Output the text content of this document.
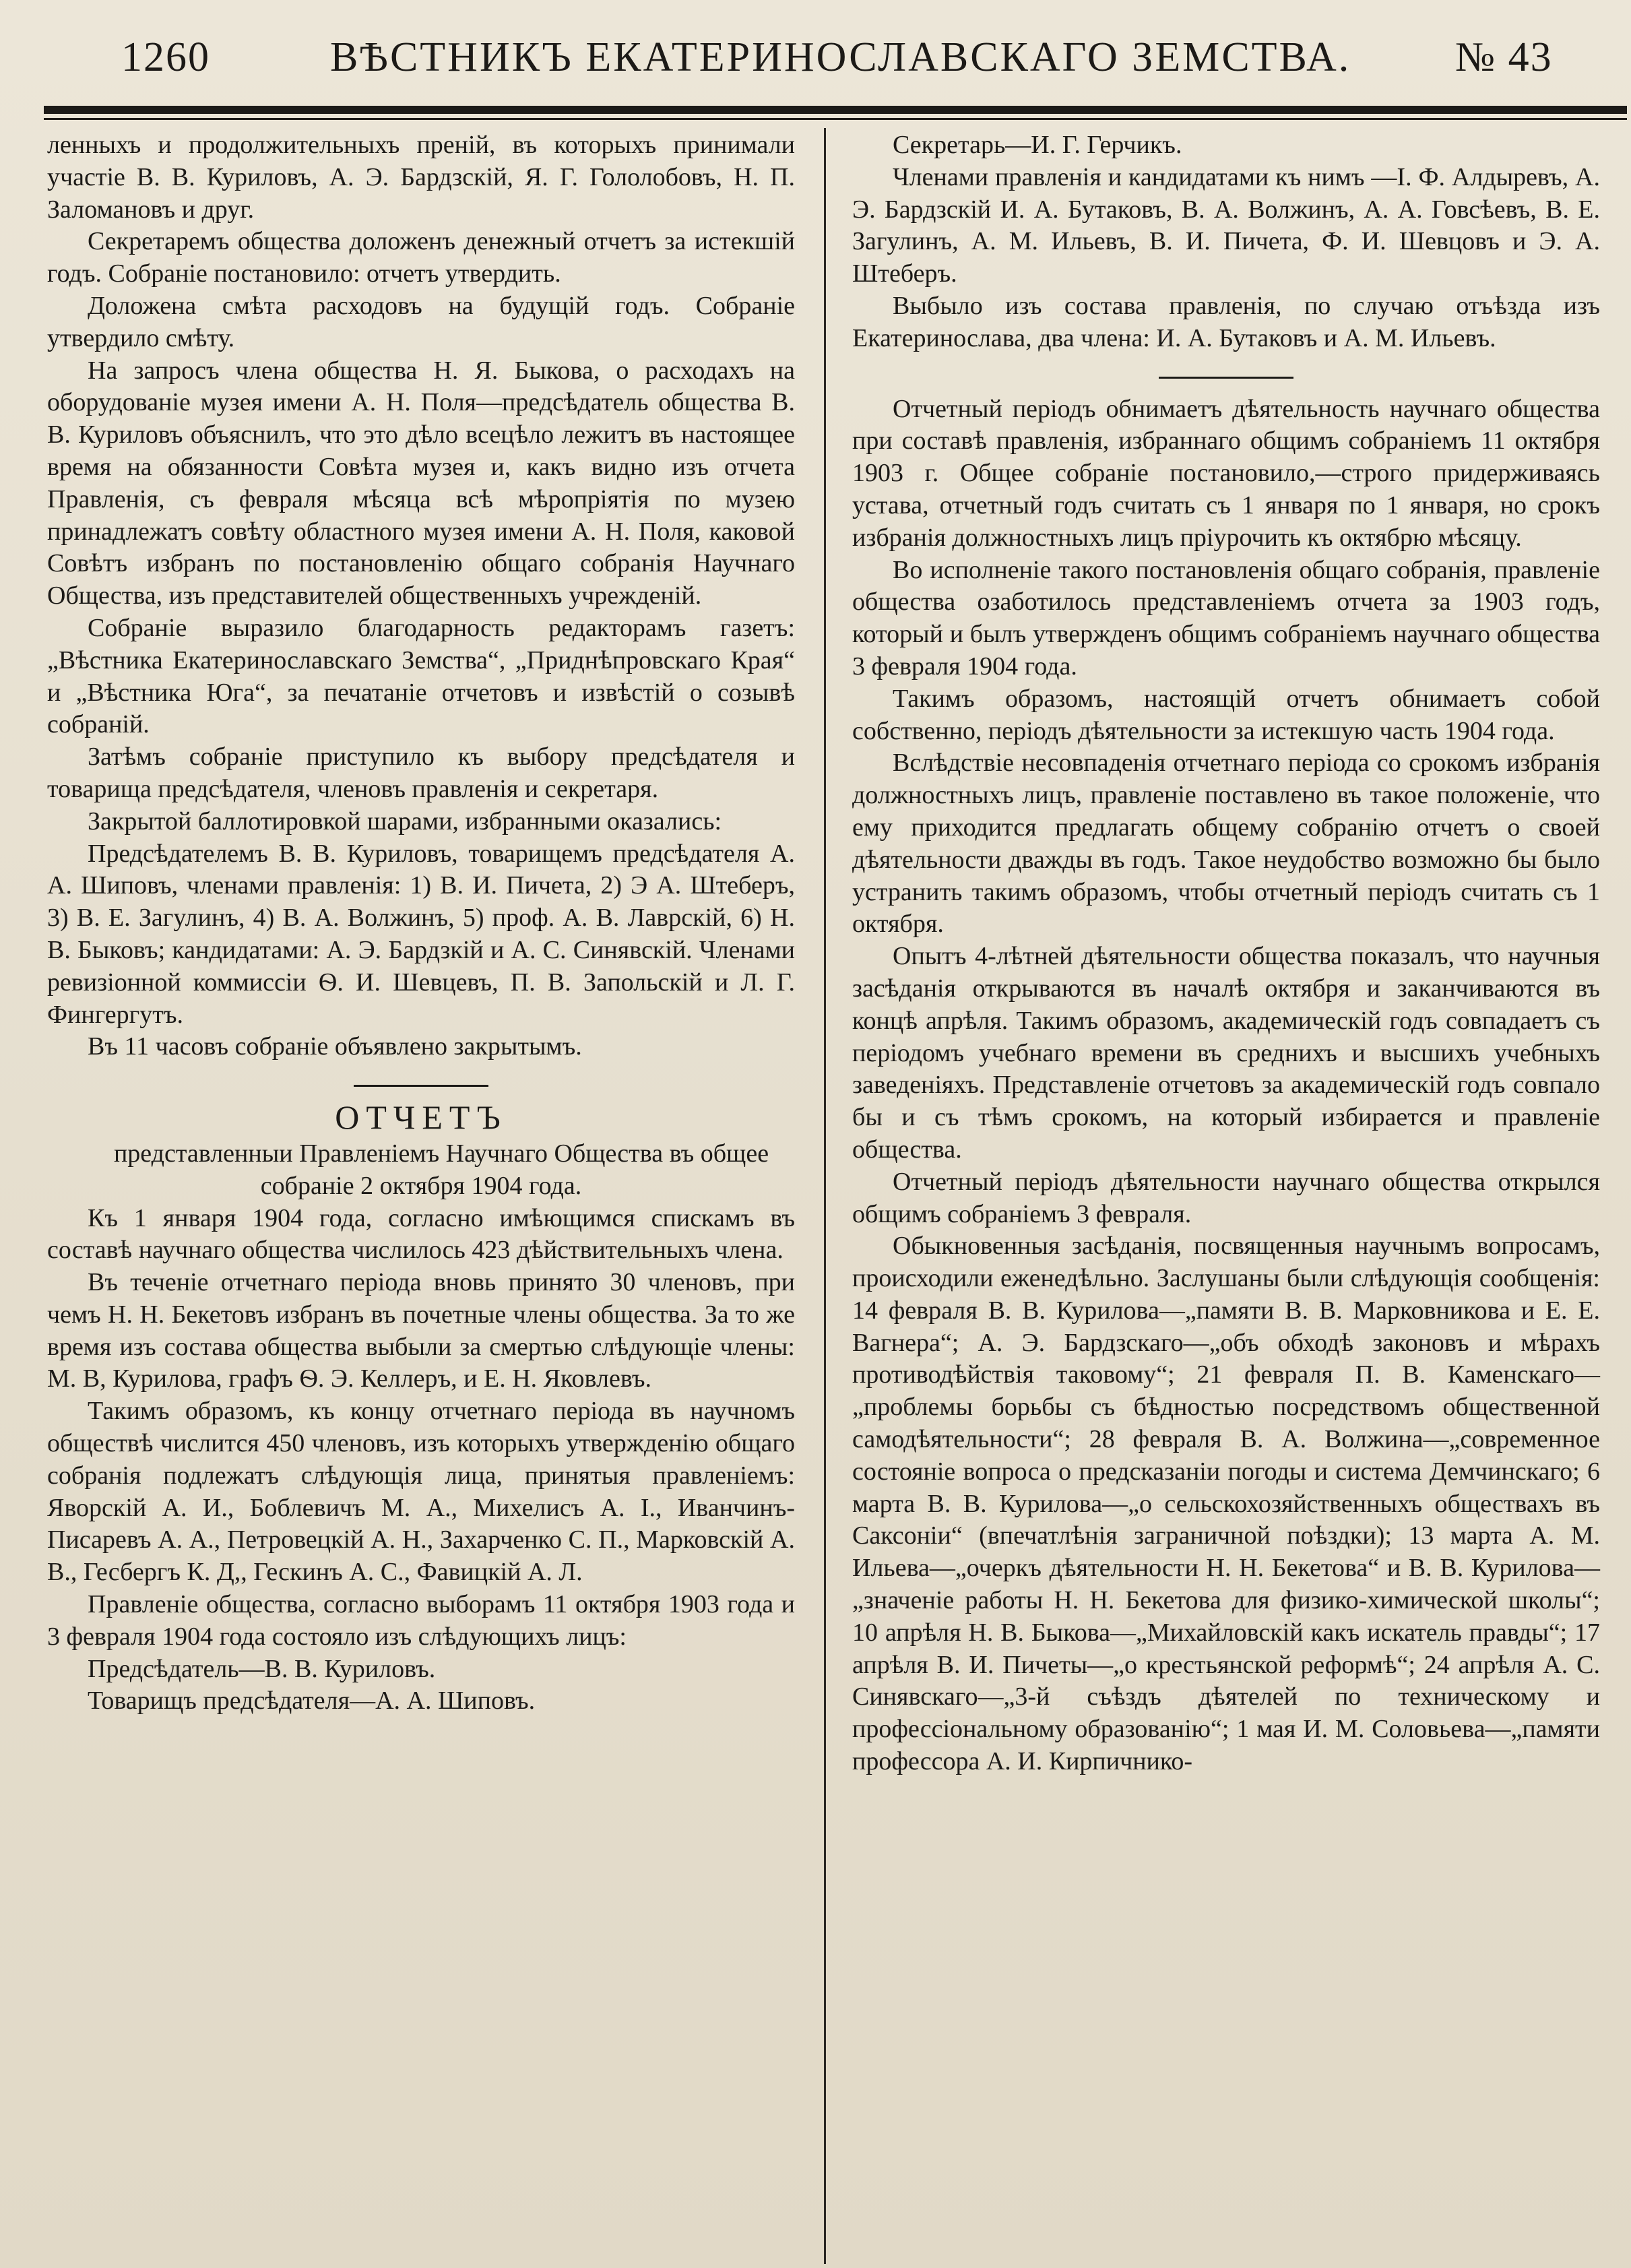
1260	ВѢСТНИКЪ ЕКАТЕРИНОСЛАВСКАГО ЗЕМСТВА. № 43

ленныхъ и продолжительныхъ преній, въ которыхъ принимали участіе В. В. Куриловъ, А. Э. Бардзскій, Я. Г. Гололобовъ, Н. П. Заломановъ и друг.

Секретаремъ общества доложенъ денежный отчетъ за истекшій годъ. Собраніе постановило: отчетъ утвердить.

Доложена смѣта расходовъ на будущій годъ. Собраніе утвердило смѣту.

На запросъ члена общества Н. Я. Быкова, о расходахъ на оборудованіе музея имени А. Н. Поля—предсѣдатель общества В. В. Куриловъ объяснилъ, что это дѣло всецѣло лежитъ въ настоящее время на обязанности Совѣта музея и, какъ видно изъ отчета Правленія, съ февраля мѣсяца всѣ мѣропріятія по музею принадлежатъ совѣту областного музея имени А. Н. Поля, каковой Совѣтъ избранъ по постановленію общаго собранія Научнаго Общества, изъ представителей общественныхъ учрежденій.

Собраніе выразило благодарность редакторамъ газетъ: „Вѣстника Екатеринославскаго Земства“, „Приднѣпровскаго Края“ и „Вѣстника Юга“, за печатаніе отчетовъ и извѣстій о созывѣ собраній.

Затѣмъ собраніе приступило къ выбору предсѣдателя и товарища предсѣдателя, членовъ правленія и секретаря.

Закрытой баллотировкой шарами, избранными оказались:

Предсѣдателемъ В. В. Куриловъ, товарищемъ предсѣдателя А. А. Шиповъ, членами правленія: 1) В. И. Пичета, 2) Э А. Штеберъ, 3) В. Е. Загулинъ, 4) В. А. Волжинъ, 5) проф. А. В. Лаврскій, 6) Н. В. Быковъ; кандидатами: А. Э. Бардзкій и А. С. Синявскій. Членами ревизіонной коммиссіи Ѳ. И. Шевцевъ, П. В. Запольскій и Л. Г. Фингергутъ.

Въ 11 часовъ собраніе объявлено закрытымъ.

ОТЧЕТЪ

представленныи Правленіемъ Научнаго Общества въ общее собраніе 2 октября 1904 года.

Къ 1 января 1904 года, согласно имѣющимся спискамъ въ составѣ научнаго общества числилось 423 дѣйствительныхъ члена.

Въ теченіе отчетнаго періода вновь принято 30 членовъ, при чемъ Н. Н. Бекетовъ избранъ въ почетные члены общества. За то же время изъ состава общества выбыли за смертью слѣдующіе члены: М. В, Курилова, графъ Ѳ. Э. Келлеръ, и Е. Н. Яковлевъ.

Такимъ образомъ, къ концу отчетнаго періода въ научномъ обществѣ числится 450 членовъ, изъ которыхъ утвержденію общаго собранія подлежатъ слѣдующія лица, принятыя правленіемъ: Яворскій А. И., Боблевичъ М. А., Михелисъ А. І., Иванчинъ-Писаревъ А. А., Петровецкій А. Н., Захарченко С. П., Марковскій А. В., Гесбергъ К. Д,, Гескинъ А. С., Фавицкій А. Л.

Правленіе общества, согласно выборамъ 11 октября 1903 года и 3 февраля 1904 года состояло изъ слѣдующихъ лицъ:

Предсѣдатель—В. В. Куриловъ.

Товарищъ предсѣдателя—А. А. Шиповъ.

Секретарь—И. Г. Герчикъ.

Членами правленія и кандидатами къ нимъ —І. Ф. Алдыревъ, А. Э. Бардзскій И. А. Бутаковъ, В. А. Волжинъ, А. А. Говсѣевъ, В. Е. Загулинъ, А. М. Ильевъ, В. И. Пичета, Ф. И. Шевцовъ и Э. А. Штеберъ.

Выбыло изъ состава правленія, по случаю отъѣзда изъ Екатеринослава, два члена: И. А. Бутаковъ и А. М. Ильевъ.

Отчетный періодъ обнимаетъ дѣятельность научнаго общества при составѣ правленія, избраннаго общимъ собраніемъ 11 октября 1903 г. Общее собраніе постановило,—строго придерживаясь устава, отчетный годъ считать съ 1 января по 1 января, но срокъ избранія должностныхъ лицъ пріурочить къ октябрю мѣсяцу.

Во исполненіе такого постановленія общаго собранія, правленіе общества озаботилось представленіемъ отчета за 1903 годъ, который и былъ утвержденъ общимъ собраніемъ научнаго общества 3 февраля 1904 года.

Такимъ образомъ, настоящій отчетъ обнимаетъ собой собственно, періодъ дѣятельности за истекшую часть 1904 года.

Вслѣдствіе несовпаденія отчетнаго періода со срокомъ избранія должностныхъ лицъ, правленіе поставлено въ такое положеніе, что ему приходится предлагать общему собранію отчетъ о своей дѣятельности дважды въ годъ. Такое неудобство возможно бы было устранить такимъ образомъ, чтобы отчетный періодъ считать съ 1 октября.

Опытъ 4-лѣтней дѣятельности общества показалъ, что научныя засѣданія открываются въ началѣ октября и заканчиваются въ концѣ апрѣля. Такимъ образомъ, академическій годъ совпадаетъ съ періодомъ учебнаго времени въ среднихъ и высшихъ учебныхъ заведеніяхъ. Представленіе отчетовъ за академическій годъ совпало бы и съ тѣмъ срокомъ, на который избирается и правленіе общества.

Отчетный періодъ дѣятельности научнаго общества открылся общимъ собраніемъ 3 февраля.

Обыкновенныя засѣданія, посвященныя научнымъ вопросамъ, происходили еженедѣльно. Заслушаны были слѣдующія сообщенія: 14 февраля В. В. Курилова—„памяти В. В. Марковникова и Е. Е. Вагнера“; А. Э. Бардзскаго—„объ обходѣ законовъ и мѣрахъ противодѣйствія таковому“; 21 февраля П. В. Каменскаго—„проблемы борьбы съ бѣдностью посредствомъ общественной самодѣятельности“; 28 февраля В. А. Волжина—„современное состояніе вопроса о предсказаніи погоды и система Демчинскаго; 6 марта В. В. Курилова—„о сельскохозяйственныхъ обществахъ въ Саксоніи“ (впечатлѣнія заграничной поѣздки); 13 марта А. М. Ильева—„очеркъ дѣятельности Н. Н. Бекетова“ и В. В. Курилова—„значеніе работы Н. Н. Бекетова для физико-химической школы“; 10 апрѣля Н. В. Быкова—„Михайловскій какъ искатель правды“; 17 апрѣля В. И. Пичеты—„о крестьянской реформѣ“; 24 апрѣля А. С. Синявскаго—„3-й съѣздъ дѣятелей по техническому и профессіональному образованію“; 1 мая И. М. Соловьева—„памяти профессора А. И. Кирпичнико-
